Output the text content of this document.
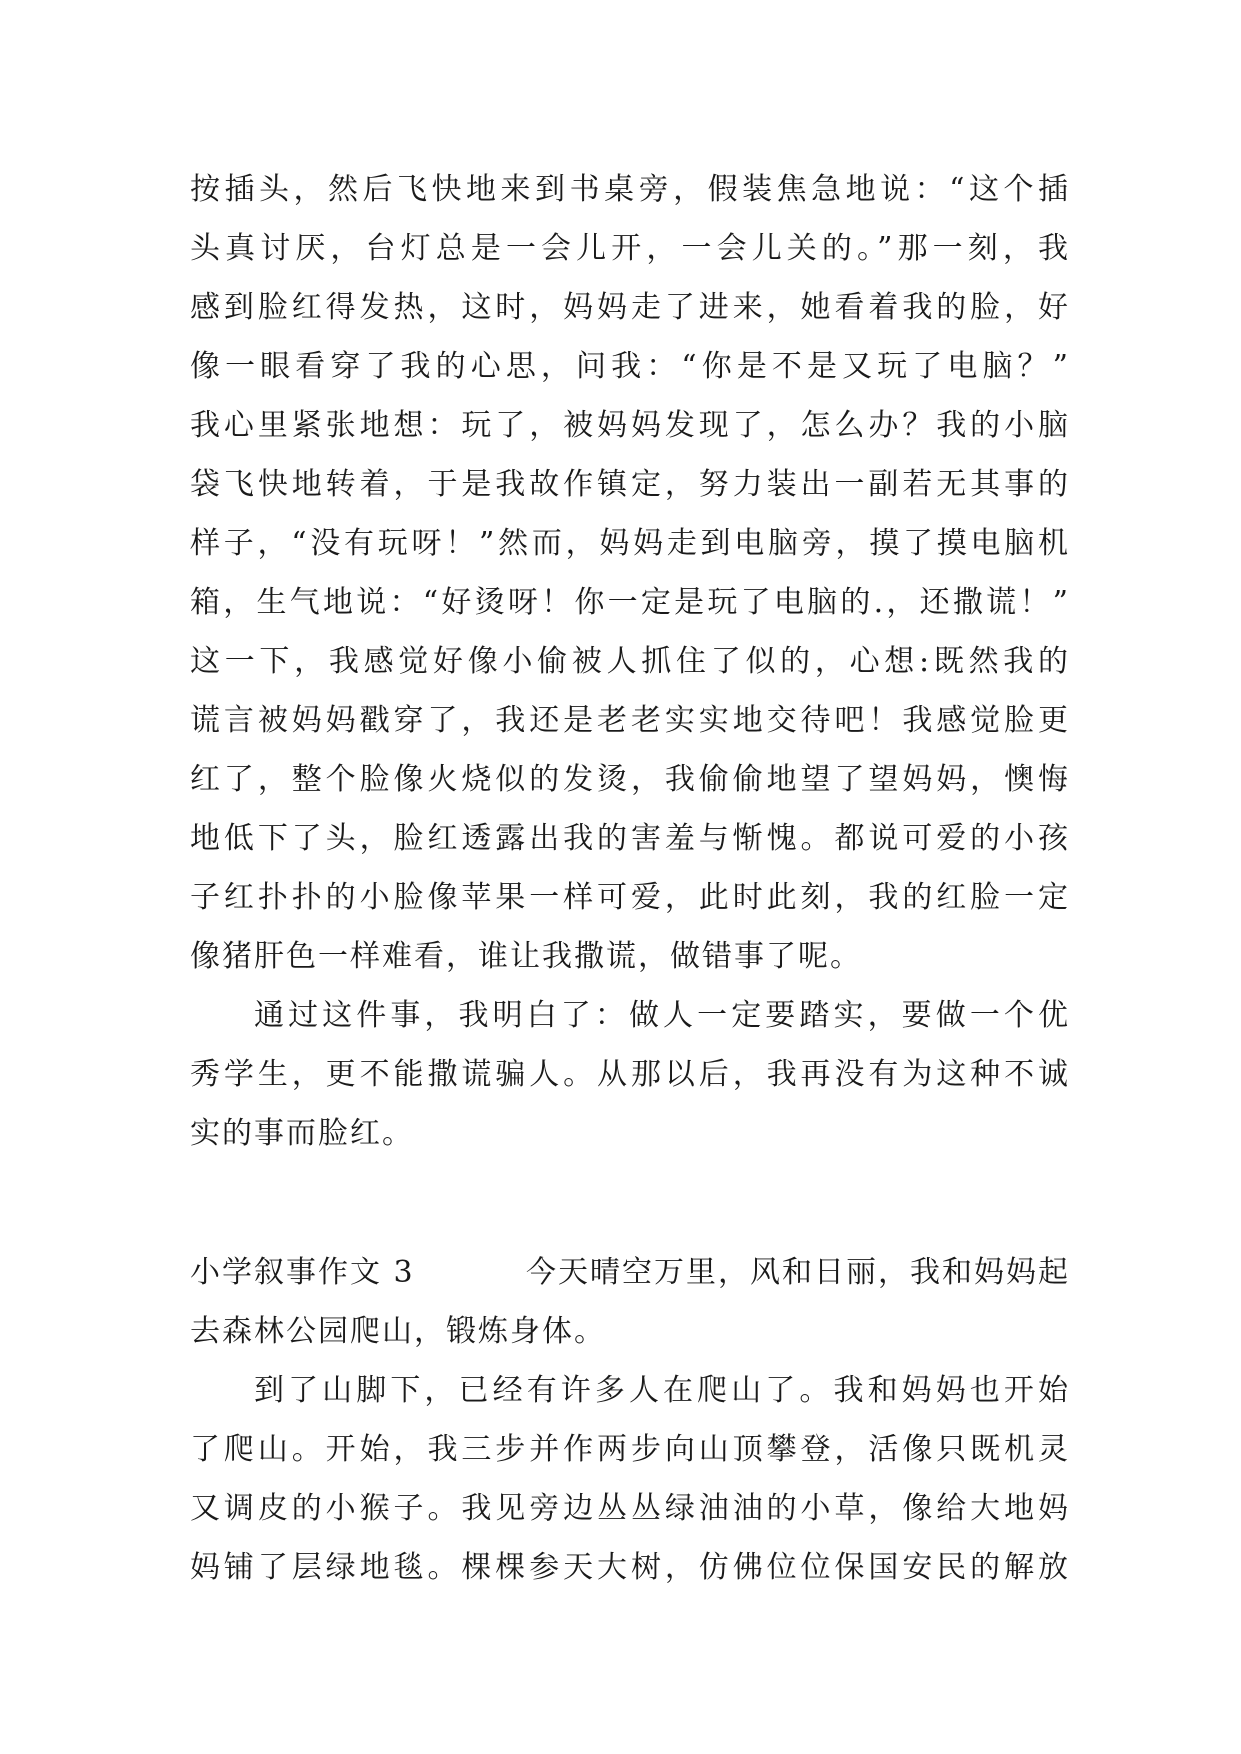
按插头，然后飞快地来到书桌旁，假装焦急地说：“这个插
头真讨厌，台灯总是一会儿开，一会儿关的。”那一刻，我
感到脸红得发热，这时，妈妈走了进来，她看着我的脸，好
像一眼看穿了我的心思，问我：“你是不是又玩了电脑？”
我心里紧张地想：玩了，被妈妈发现了，怎么办？我的小脑
袋飞快地转着，于是我故作镇定，努力装出一副若无其事的
样子，“没有玩呀！”然而，妈妈走到电脑旁，摸了摸电脑机
箱，生气地说：“好烫呀！你一定是玩了电脑的.，还撒谎！”
这一下，我感觉好像小偷被人抓住了似的，心想:既然我的
谎言被妈妈戳穿了，我还是老老实实地交待吧！我感觉脸更
红了，整个脸像火烧似的发烫，我偷偷地望了望妈妈，懊悔
地低下了头，脸红透露出我的害羞与惭愧。都说可爱的小孩
子红扑扑的小脸像苹果一样可爱，此时此刻，我的红脸一定
像猪肝色一样难看，谁让我撒谎，做错事了呢。
通过这件事，我明白了：做人一定要踏实，要做一个优
秀学生，更不能撒谎骗人。从那以后，我再没有为这种不诚
实的事而脸红。
小学叙事作文 3	今天晴空万里，风和日丽，我和妈妈起
去森林公园爬山，锻炼身体。
到了山脚下，已经有许多人在爬山了。我和妈妈也开始
了爬山。开始，我三步并作两步向山顶攀登，活像只既机灵
又调皮的小猴子。我见旁边丛丛绿油油的小草，像给大地妈
妈铺了层绿地毯。棵棵参天大树，仿佛位位保国安民的解放
